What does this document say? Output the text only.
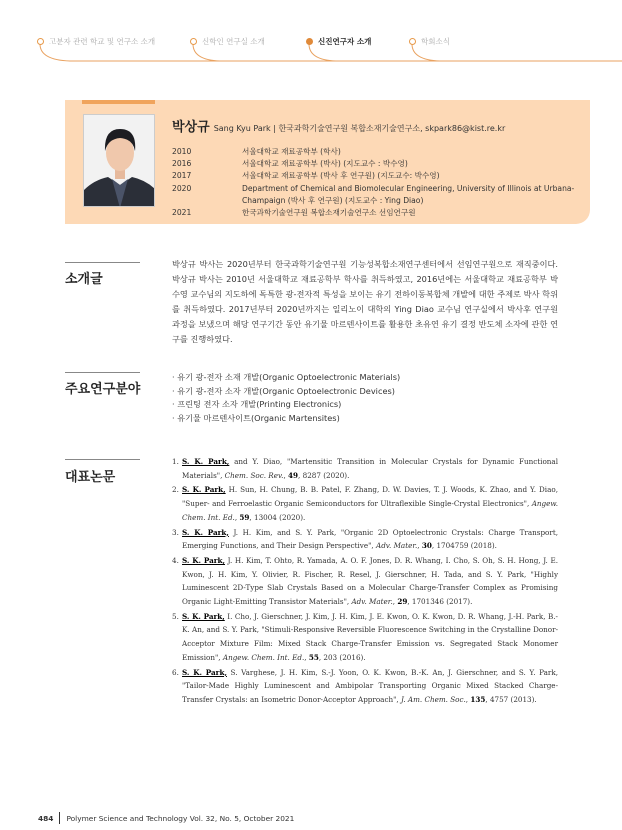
고분자 관련 학교 및 연구소 소개	신학인 연구실 소개	신진연구자 소개	학회소식
박상규 Sang Kyu Park | 한국과학기술연구원 복합소재기술연구소, skpark86@kist.re.kr
2010	서울대학교 재료공학부 (학사)
2016	서울대학교 재료공학부 (박사) (지도교수 : 박수영)
2017	서울대학교 재료공학부 (박사 후 연구원) (지도교수: 박수영)
2020	Department of Chemical and Biomolecular Engineering, University of Illinois at Urbana-Champaign (박사 후 연구원) (지도교수 : Ying Diao)
2021	한국과학기술연구원 복합소재기술연구소 선임연구원
소개글

박상규 박사는 2020년부터 한국과학기술연구원 기능성복합소재연구센터에서 선임연구원으로 재직중이다. 박상규 박사는 2010년 서울대학교 재료공학부 학사를 취득하였고, 2016년에는 서울대학교 재료공학부 박수영 교수님의 지도하에 독특한 광-전자적 특성을 보이는 유기 전하이동복합체 개발에 대한 주제로 박사 학위를 취득하였다. 2017년부터 2020년까지는 일리노이 대학의 Ying Diao 교수님 연구실에서 박사후 연구원 과정을 보냈으며 해당 연구기간 동안 유기물 마르텐사이트를 활용한 초유연 유기 결정 반도체 소자에 관한 연구를 진행하였다.

주요연구분야
· 유기 광-전자 소재 개발(Organic Optoelectronic Materials)
· 유기 광-전자 소자 개발(Organic Optoelectronic Devices)
· 프린팅 전자 소자 개발(Printing Electronics)
· 유기물 마르텐사이트(Organic Martensites)
대표논문
1. S. K. Park, and Y. Diao, "Martensitic Transition in Molecular Crystals for Dynamic Functional Materials", Chem. Soc. Rev., 49, 8287 (2020).
2. S. K. Park, H. Sun, H. Chung, B. B. Patel, F. Zhang, D. W. Davies, T. J. Woods, K. Zhao, and Y. Diao, "Super- and Ferroelastic Organic Semiconductors for Ultraflexible Single-Crystal Electronics", Angew. Chem. Int. Ed., 59, 13004 (2020).
3. S. K. Park, J. H. Kim, and S. Y. Park, "Organic 2D Optoelectronic Crystals: Charge Transport, Emerging Functions, and Their Design Perspective", Adv. Mater., 30, 1704759 (2018).
4. S. K. Park, J. H. Kim, T. Ohto, R. Yamada, A. O. F. Jones, D. R. Whang, I. Cho, S. Oh, S. H. Hong, J. E. Kwon, J. H. Kim, Y. Olivier, R. Fischer, R. Resel, J. Gierschner, H. Tada, and S. Y. Park, "Highly Luminescent 2D-Type Slab Crystals Based on a Molecular Charge-Transfer Complex as Promising Organic Light-Emitting Transistor Materials", Adv. Mater., 29, 1701346 (2017).
5. S. K. Park, I. Cho, J. Gierschner, J. Kim, J. H. Kim, J. E. Kwon, O. K. Kwon, D. R. Whang, J.-H. Park, B.-K. An, and S. Y. Park, "Stimuli-Responsive Reversible Fluorescence Switching in the Crystalline Donor-Acceptor Mixture Film: Mixed Stack Charge-Transfer Emission vs. Segregated Stack Monomer Emission", Angew. Chem. Int. Ed., 55, 203 (2016).
6. S. K. Park, S. Varghese, J. H. Kim, S.-J. Yoon, O. K. Kwon, B.-K. An, J. Gierschner, and S. Y. Park, "Tailor-Made Highly Luminescent and Ambipolar Transporting Organic Mixed Stacked Charge-Transfer Crystals: an Isometric Donor-Acceptor Approach", J. Am. Chem. Soc., 135, 4757 (2013).
484 Polymer Science and Technology Vol. 32, No. 5, October 2021
